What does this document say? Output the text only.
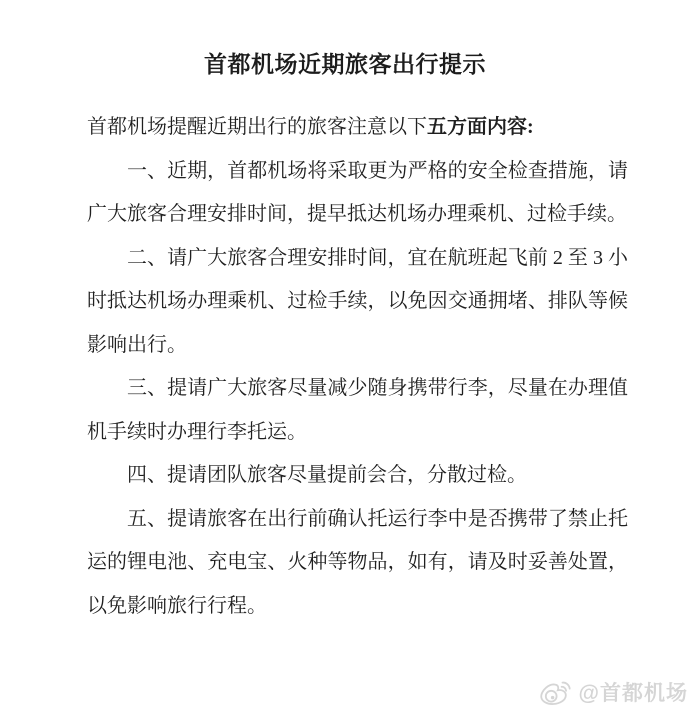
首都机场近期旅客出行提示
首都机场提醒近期出行的旅客注意以下五方面内容:
一、近期，首都机场将采取更为严格的安全检查措施，请
广大旅客合理安排时间，提早抵达机场办理乘机、过检手续。
二、请广大旅客合理安排时间，宜在航班起飞前 2 至 3 小
时抵达机场办理乘机、过检手续，以免因交通拥堵、排队等候
影响出行。
三、提请广大旅客尽量减少随身携带行李，尽量在办理值
机手续时办理行李托运。
四、提请团队旅客尽量提前会合，分散过检。
五、提请旅客在出行前确认托运行李中是否携带了禁止托
运的锂电池、充电宝、火种等物品，如有，请及时妥善处置，
以免影响旅行行程。
@首都机场
